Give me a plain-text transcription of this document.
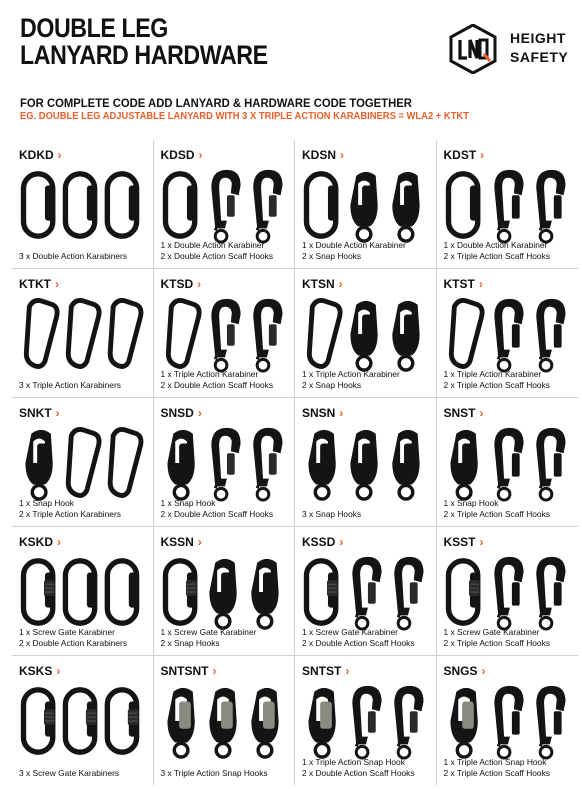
DOUBLE LEG
LANYARD HARDWARE
HEIGHT
SAFETY
FOR COMPLETE CODE ADD LANYARD & HARDWARE CODE TOGETHER
EG. DOUBLE LEG ADJUSTABLE LANYARD WITH 3 X TRIPLE ACTION KARABINERS = WLA2 + KTKT
KDKD ›
3 x Double Action Karabiners
KDSD ›
1 x Double Action Karabiner
2 x Double Action Scaff Hooks
KDSN ›
1 x Double Action Karabiner
2 x Snap Hooks
KDST ›
1 x Double Action Karabiner
2 x Triple Action Scaff Hooks
KTKT ›
3 x Triple Action Karabiners
KTSD ›
1 x Triple Action Karabiner
2 x Double Action Scaff Hooks
KTSN ›
1 x Triple Action Karabiner
2 x Snap Hooks
KTST ›
1 x Triple Action Karabiner
2 x Triple Action Scaff Hooks
SNKT ›
1 x Snap Hook
2 x Triple Action Karabiners
SNSD ›
1 x Snap Hook
2 x Double Action Scaff Hooks
SNSN ›
3 x Snap Hooks
SNST ›
1 x Snap Hook
2 x Triple Action Scaff Hooks
KSKD ›
1 x Screw Gate Karabiner
2 x Double Action Karabiners
KSSN ›
1 x Screw Gate Karabiner
2 x Snap Hooks
KSSD ›
1 x Screw Gate Karabiner
2 x Double Action Scaff Hooks
KSST ›
1 x Screw Gate Karabiner
2 x Triple Action Scaff Hooks
KSKS ›
3 x Screw Gate Karabiners
SNTSNT ›
3 x Triple Action Snap Hooks
SNTST ›
1 x Triple Action Snap Hook
2 x Double Action Scaff Hooks
SNGS ›
1 x Triple Action Snap Hook
2 x Triple Action Scaff Hooks
